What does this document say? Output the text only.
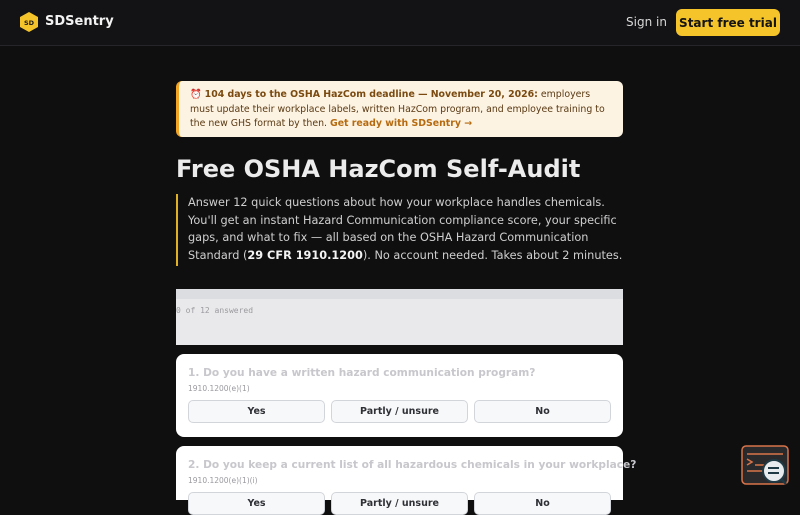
SD SDSentry	Sign in Start free trial
⏰ 104 days to the OSHA HazCom deadline — November 20, 2026: employers must update their workplace labels, written HazCom program, and employee training to the new GHS format by then. Get ready with SDSentry →
Free OSHA HazCom Self-Audit
Answer 12 quick questions about how your workplace handles chemicals. You'll get an instant Hazard Communication compliance score, your specific gaps, and what to fix — all based on the OSHA Hazard Communication Standard (29 CFR 1910.1200). No account needed. Takes about 2 minutes.
0 of 12 answered
1. Do you have a written hazard communication program?
1910.1200(e)(1)
Yes	Partly / unsure	No
2. Do you keep a current list of all hazardous chemicals in your workplace?
1910.1200(e)(1)(i)
Yes	Partly / unsure	No
